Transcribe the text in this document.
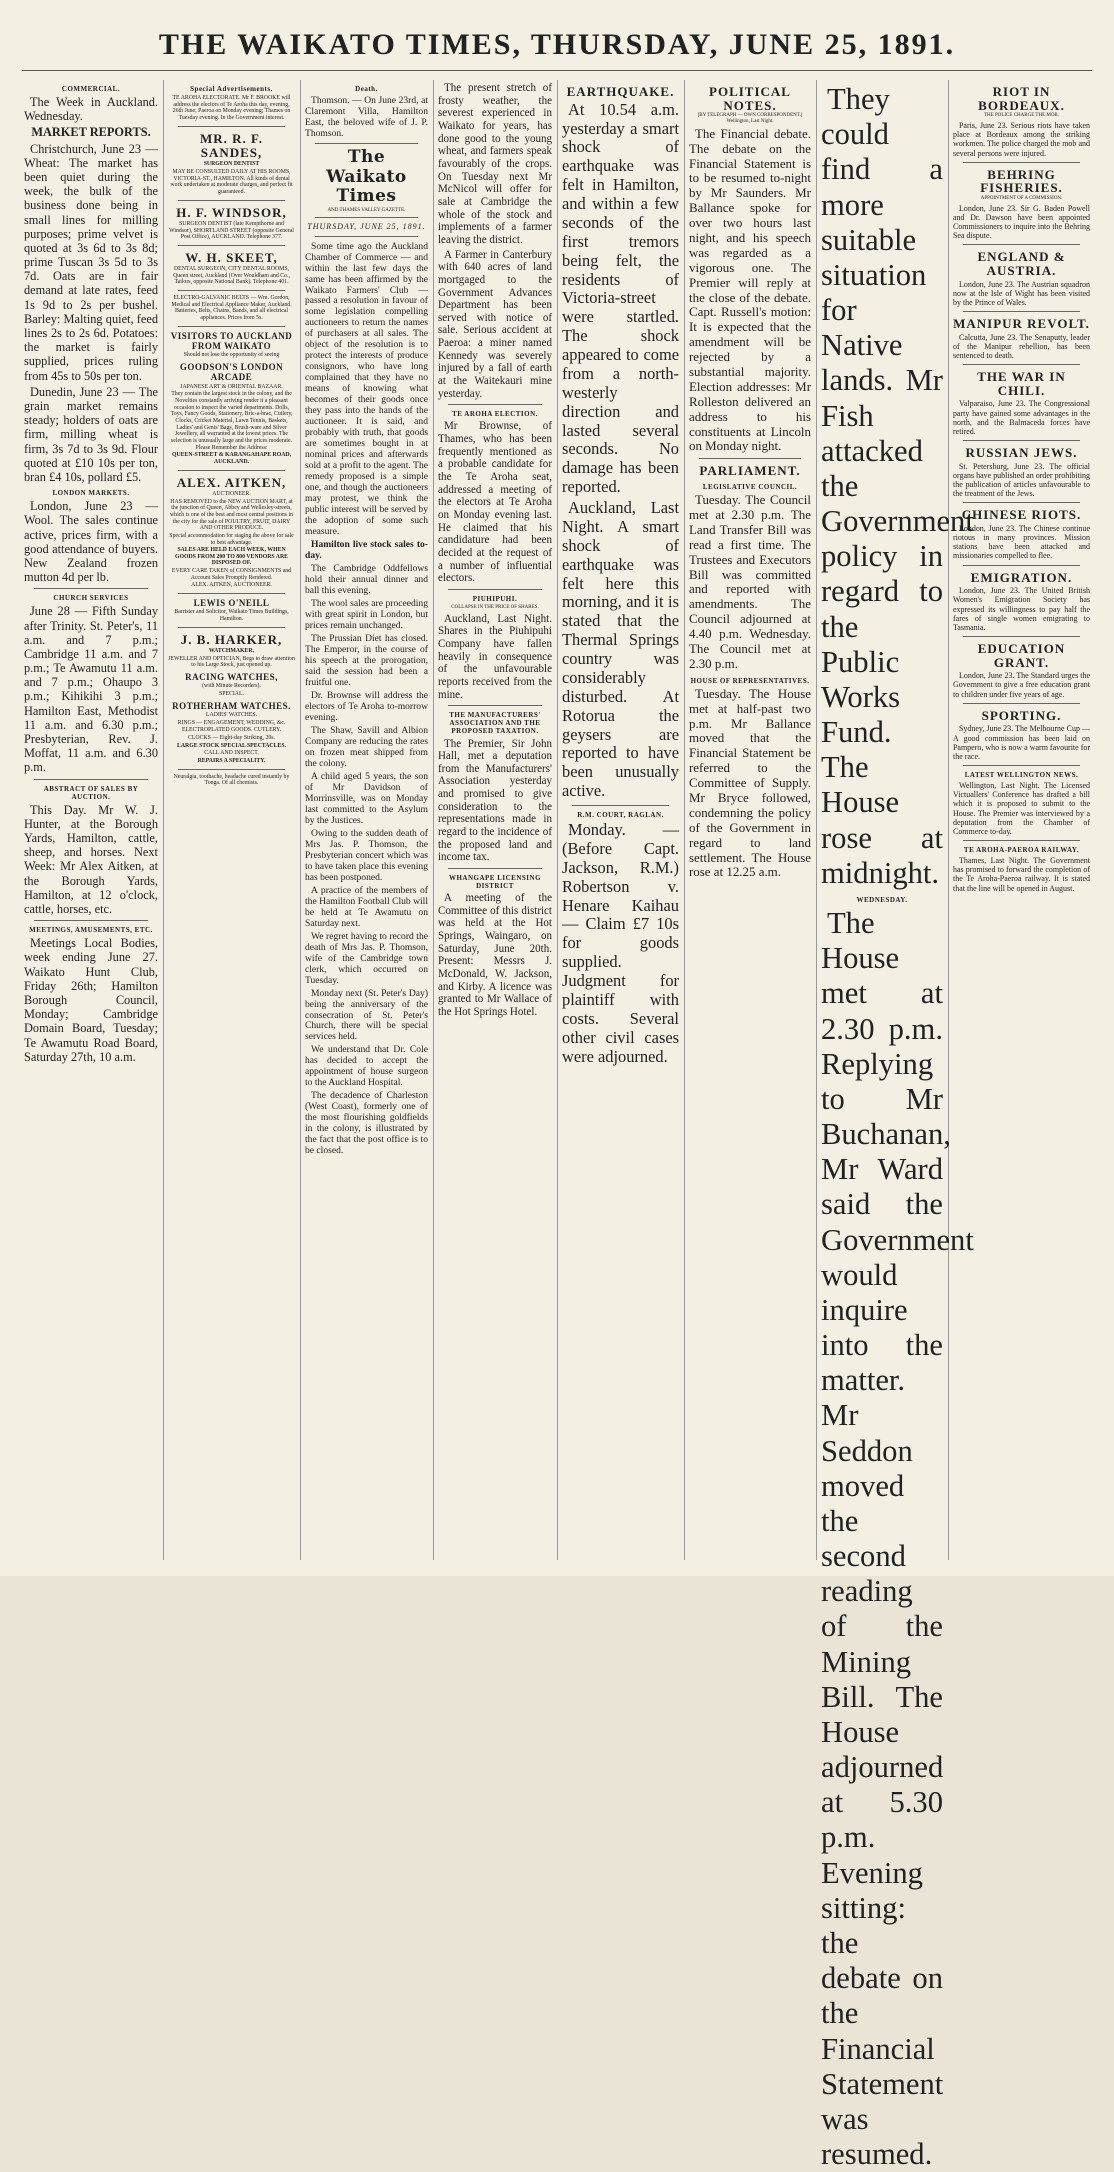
THE WAIKATO TIMES, THURSDAY, JUNE 25, 1891.
COMMERCIAL.
The Week in Auckland. Wednesday.
MARKET REPORTS.
Christchurch, June 23 — Wheat: The market has been quiet during the week, the bulk of the business done being in small lines for milling purposes; prime velvet is quoted at 3s 6d to 3s 8d; prime Tuscan 3s 5d to 3s 7d. Oats are in fair demand at late rates, feed 1s 9d to 2s per bushel. Barley: Malting quiet, feed lines 2s to 2s 6d. Potatoes: the market is fairly supplied, prices ruling from 45s to 50s per ton.
Dunedin, June 23 — The grain market remains steady; holders of oats are firm, milling wheat is firm, 3s 7d to 3s 9d. Flour quoted at £10 10s per ton, bran £4 10s, pollard £5.
LONDON MARKETS.
London, June 23 — Wool. The sales continue active, prices firm, with a good attendance of buyers. New Zealand frozen mutton 4d per lb.
CHURCH SERVICES
June 28 — Fifth Sunday after Trinity. St. Peter's, 11 a.m. and 7 p.m.; Cambridge 11 a.m. and 7 p.m.; Te Awamutu 11 a.m. and 7 p.m.; Ohaupo 3 p.m.; Kihikihi 3 p.m.; Hamilton East, Methodist 11 a.m. and 6.30 p.m.; Presbyterian, Rev. J. Moffat, 11 a.m. and 6.30 p.m.
ABSTRACT OF SALES BY AUCTION.
This Day. Mr W. J. Hunter, at the Borough Yards, Hamilton, cattle, sheep, and horses. Next Week: Mr Alex Aitken, at the Borough Yards, Hamilton, at 12 o'clock, cattle, horses, etc.
MEETINGS, AMUSEMENTS, ETC.
Meetings Local Bodies, week ending June 27. Waikato Hunt Club, Friday 26th; Hamilton Borough Council, Monday; Cambridge Domain Board, Tuesday; Te Awamutu Road Board, Saturday 27th, 10 a.m.
Special Advertisements.
TE AROHA ELECTORATE. Mr F. BROOKE will address the electors of Te Aroha this day, evening, 26th June; Paeroa on Monday evening; Thames on Tuesday evening. In the Government interest.
MR. R. F. SANDES,
SURGEON DENTIST
MAY BE CONSULTED DAILY AT HIS ROOMS, VICTORIA-ST., HAMILTON. All kinds of dental work undertaken at moderate charges, and perfect fit guaranteed.
H. F. WINDSOR,
SURGEON DENTIST (late Kempthorne and Windsor), SHORTLAND STREET (opposite General Post Office), AUCKLAND. Telephone 377.
W. H. SKEET,
DENTAL SURGEON, CITY DENTAL ROOMS, Queen street, Auckland (Over Wouldham and Co., Tailors, opposite National Bank). Telephone 401.
ELECTRO-GALVANIC BELTS — Wm. Gordon, Medical and Electrical Appliance Maker, Auckland. Batteries, Belts, Chains, Bands, and all electrical appliances. Prices from 5s.
VISITORS TO AUCKLAND FROM WAIKATO
Should not lose the opportunity of seeing
GOODSON'S LONDON ARCADE
JAPANESE ART & ORIENTAL BAZAAR.
They contain the largest stock in the colony, and the Novelties constantly arriving render it a pleasant occasion to inspect the varied departments. Dolls, Toys, Fancy Goods, Stationery, Bric-a-brac, Cutlery, Clocks, Cricket Material, Lawn Tennis, Baskets, Ladies' and Gents' Bags, Brush-ware and Silver Jewellery, all warranted at the lowest prices. The selection is unusually large and the prices moderate. Please Remember the Address:
QUEEN-STREET & KARANGAHAPE ROAD, AUCKLAND.
ALEX. AITKEN,
AUCTIONEER.
HAS REMOVED to the NEW AUCTION MART, at the junction of Queen, Abbey and Wellesley-streets, which is one of the best and most central positions in the city for the sale of POULTRY, FRUIT, DAIRY AND OTHER PRODUCE.
Special accommodation for staging the above for sale to best advantage.
SALES ARE HELD EACH WEEK, WHEN GOODS FROM 200 TO 800 VENDORS ARE DISPOSED OF.
EVERY CARE TAKEN of CONSIGNMENTS and Account Sales Promptly Rendered.
ALEX. AITKEN, AUCTIONEER.
LEWIS O'NEILL
Barrister and Solicitor, Waikato Times Buildings, Hamilton.
J. B. HARKER,
WATCHMAKER,
JEWELLER AND OPTICIAN, Begs to draw attention to his Large Stock, just opened up.
RACING WATCHES,
(with Minute Recorders).
SPECIAL.
ROTHERHAM WATCHES.
LADIES' WATCHES.
RINGS — ENGAGEMENT, WEDDING, &c.
ELECTROPLATED GOODS. CUTLERY.
CLOCKS — Eight-day Striking, 20s.
LARGE STOCK SPECIAL SPECTACLES.
CALL AND INSPECT.
REPAIRS A SPECIALITY.
Neuralgia, toothache, headache cured instantly by Tonga. Of all chemists.
Death.
Thomson. — On June 23rd, at Claremont Villa, Hamilton East, the beloved wife of J. P. Thomson.
The Waikato Times
AND THAMES VALLEY GAZETTE.
THURSDAY, JUNE 25, 1891.
Some time ago the Auckland Chamber of Commerce — and within the last few days the same has been affirmed by the Waikato Farmers' Club — passed a resolution in favour of some legislation compelling auctioneers to return the names of purchasers at all sales. The object of the resolution is to protect the interests of produce consignors, who have long complained that they have no means of knowing what becomes of their goods once they pass into the hands of the auctioneer. It is said, and probably with truth, that goods are sometimes bought in at nominal prices and afterwards sold at a profit to the agent. The remedy proposed is a simple one, and though the auctioneers may protest, we think the public interest will be served by the adoption of some such measure.
Hamilton live stock sales to-day.
The Cambridge Oddfellows hold their annual dinner and ball this evening.
The wool sales are proceeding with great spirit in London, but prices remain unchanged.
The Prussian Diet has closed. The Emperor, in the course of his speech at the prorogation, said the session had been a fruitful one.
Dr. Brownse will address the electors of Te Aroha to-morrow evening.
The Shaw, Savill and Albion Company are reducing the rates on frozen meat shipped from the colony.
A child aged 5 years, the son of Mr Davidson of Morrinsville, was on Monday last committed to the Asylum by the Justices.
Owing to the sudden death of Mrs Jas. P. Thomson, the Presbyterian concert which was to have taken place this evening has been postponed.
A practice of the members of the Hamilton Football Club will be held at Te Awamutu on Saturday next.
We regret having to record the death of Mrs Jas. P. Thomson, wife of the Cambridge town clerk, which occurred on Tuesday.
Monday next (St. Peter's Day) being the anniversary of the consecration of St. Peter's Church, there will be special services held.
We understand that Dr. Cole has decided to accept the appointment of house surgeon to the Auckland Hospital.
The decadence of Charleston (West Coast), formerly one of the most flourishing goldfields in the colony, is illustrated by the fact that the post office is to be closed.
The present stretch of frosty weather, the severest experienced in Waikato for years, has done good to the young wheat, and farmers speak favourably of the crops. On Tuesday next Mr McNicol will offer for sale at Cambridge the whole of the stock and implements of a farmer leaving the district.
A Farmer in Canterbury with 640 acres of land mortgaged to the Government Advances Department has been served with notice of sale. Serious accident at Paeroa: a miner named Kennedy was severely injured by a fall of earth at the Waitekauri mine yesterday.
TE AROHA ELECTION.
Mr Brownse, of Thames, who has been frequently mentioned as a probable candidate for the Te Aroha seat, addressed a meeting of the electors at Te Aroha on Monday evening last. He claimed that his candidature had been decided at the request of a number of influential electors.
PIUHIPUHI.
COLLAPSE IN THE PRICE OF SHARES.
Auckland, Last Night. Shares in the Piuhipuhi Company have fallen heavily in consequence of the unfavourable reports received from the mine.
THE MANUFACTURERS' ASSOCIATION AND THE PROPOSED TAXATION.
The Premier, Sir John Hall, met a deputation from the Manufacturers' Association yesterday and promised to give consideration to the representations made in regard to the incidence of the proposed land and income tax.
WHANGAPE LICENSING DISTRICT
A meeting of the Committee of this district was held at the Hot Springs, Waingaro, on Saturday, June 20th. Present: Messrs J. McDonald, W. Jackson, and Kirby. A licence was granted to Mr Wallace of the Hot Springs Hotel.
EARTHQUAKE.
At 10.54 a.m. yesterday a smart shock of earthquake was felt in Hamilton, and within a few seconds of the first tremors being felt, the residents of Victoria-street were startled. The shock appeared to come from a north-westerly direction and lasted several seconds. No damage has been reported.
Auckland, Last Night. A smart shock of earthquake was felt here this morning, and it is stated that the Thermal Springs country was considerably disturbed. At Rotorua the geysers are reported to have been unusually active.
R.M. COURT, RAGLAN.
Monday. — (Before Capt. Jackson, R.M.) Robertson v. Henare Kaihau — Claim £7 10s for goods supplied. Judgment for plaintiff with costs. Several other civil cases were adjourned.
POLITICAL NOTES.
[BY TELEGRAPH — OWN CORRESPONDENT.] Wellington, Last Night.
The Financial debate. The debate on the Financial Statement is to be resumed to-night by Mr Saunders. Mr Ballance spoke for over two hours last night, and his speech was regarded as a vigorous one. The Premier will reply at the close of the debate. Capt. Russell's motion: It is expected that the amendment will be rejected by a substantial majority. Election addresses: Mr Rolleston delivered an address to his constituents at Lincoln on Monday night.
PARLIAMENT.
LEGISLATIVE COUNCIL.
Tuesday. The Council met at 2.30 p.m. The Land Transfer Bill was read a first time. The Trustees and Executors Bill was committed and reported with amendments. The Council adjourned at 4.40 p.m. Wednesday. The Council met at 2.30 p.m.
HOUSE OF REPRESENTATIVES.
Tuesday. The House met at half-past two p.m. Mr Ballance moved that the Financial Statement be referred to the Committee of Supply. Mr Bryce followed, condemning the policy of the Government in regard to land settlement. The House rose at 12.25 a.m.
They could find a more suitable situation for Native lands. Mr Fish attacked the Government policy in regard to the Public Works Fund. The House rose at midnight.
WEDNESDAY.
The House met at 2.30 p.m. Replying to Mr Buchanan, Mr Ward said the Government would inquire into the matter. Mr Seddon moved the second reading of the Mining Bill. The House adjourned at 5.30 p.m. Evening sitting: the debate on the Financial Statement was resumed.
RIOT IN BORDEAUX.
THE POLICE CHARGE THE MOB.
Paris, June 23. Serious riots have taken place at Bordeaux among the striking workmen. The police charged the mob and several persons were injured.
BEHRING FISHERIES.
APPOINTMENT OF A COMMISSION.
London, June 23. Sir G. Baden Powell and Dr. Dawson have been appointed Commissioners to inquire into the Behring Sea dispute.
ENGLAND & AUSTRIA.
London, June 23. The Austrian squadron now at the Isle of Wight has been visited by the Prince of Wales.
MANIPUR REVOLT.
Calcutta, June 23. The Senaputty, leader of the Manipur rebellion, has been sentenced to death.
THE WAR IN CHILI.
Valparaiso, June 23. The Congressional party have gained some advantages in the north, and the Balmaceda forces have retired.
RUSSIAN JEWS.
St. Petersburg, June 23. The official organs have published an order prohibiting the publication of articles unfavourable to the treatment of the Jews.
CHINESE RIOTS.
London, June 23. The Chinese continue riotous in many provinces. Mission stations have been attacked and missionaries compelled to flee.
EMIGRATION.
London, June 23. The United British Women's Emigration Society has expressed its willingness to pay half the fares of single women emigrating to Tasmania.
EDUCATION GRANT.
London, June 23. The Standard urges the Government to give a free education grant to children under five years of age.
SPORTING.
Sydney, June 23. The Melbourne Cup — A good commission has been laid on Pampero, who is now a warm favourite for the race.
LATEST WELLINGTON NEWS.
Wellington, Last Night. The Licensed Victuallers' Conference has drafted a bill which it is proposed to submit to the House. The Premier was interviewed by a deputation from the Chamber of Commerce to-day.
TE AROHA-PAEROA RAILWAY.
Thames, Last Night. The Government has promised to forward the completion of the Te Aroha-Paeroa railway. It is stated that the line will be opened in August.
